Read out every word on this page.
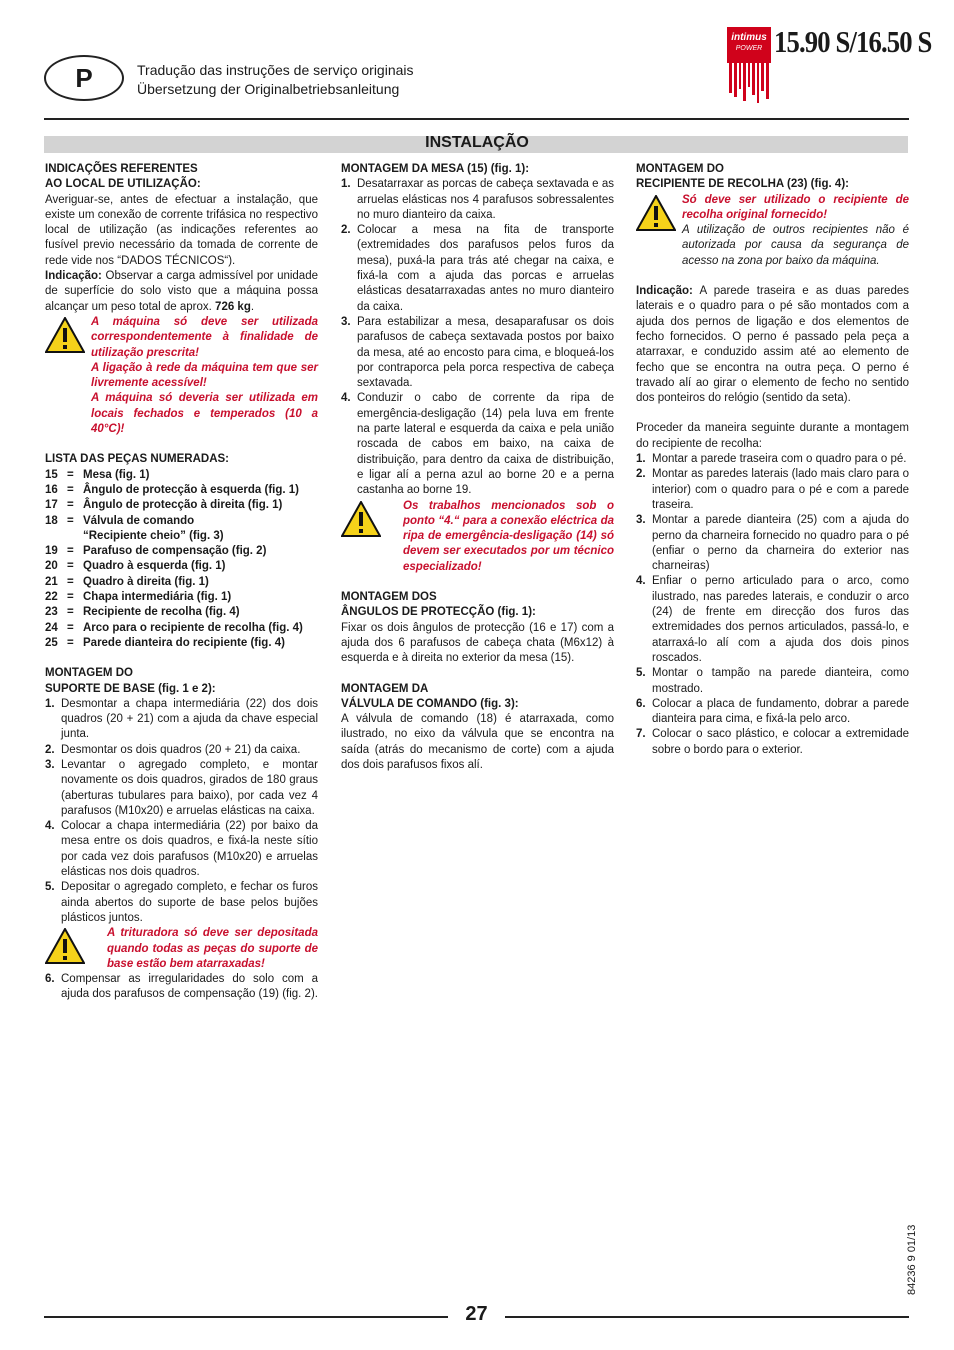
P	Tradução das instruções de serviço originais
Übersetzung der Originalbetriebsanleitung
intimus
POWER 15.90 S/16.50 S
INSTALAÇÃO
INDICAÇÕES REFERENTES
AO LOCAL DE UTILIZAÇÃO:
Averiguar-se, antes de efectuar a instalação, que existe um conexão de corrente trifásica no respectivo local de utilização (as indicações referentes ao fusível previo necessário da tomada de corrente de rede vide nos “DADOS TÉCNICOS“).
Indicação: Observar a carga admissível por unidade de superfície do solo visto que a máquina possa alcançar um peso total de aprox. 726 kg.
A máquina só deve ser utilizada correspondentemente à finalidade de utilização prescrita!
A ligação à rede da máquina tem que ser livremente acessível!
A máquina só deveria ser utilizada em locais fechados e temperados (10 a 40°C)!
LISTA DAS PEÇAS NUMERADAS:
15 = Mesa (fig. 1)
16 = Ângulo de protecção à esquerda (fig. 1)
17 = Ângulo de protecção à direita (fig. 1)
18 = Válvula de comando
“Recipiente cheio” (fig. 3)
19 = Parafuso de compensação (fig. 2)
20 = Quadro à esquerda (fig. 1)
21 = Quadro à direita (fig. 1)
22 = Chapa intermediária (fig. 1)
23 = Recipiente de recolha (fig. 4)
24 = Arco para o recipiente de recolha (fig. 4)
25 = Parede dianteira do recipiente (fig. 4)
MONTAGEM DO
SUPORTE DE BASE (fig. 1 e 2):
1. Desmontar a chapa intermediária (22) dos dois quadros (20 + 21) com a ajuda da chave especial junta.
2. Desmontar os dois quadros (20 + 21) da caixa.
3. Levantar o agregado completo, e montar novamente os dois quadros, girados de 180 graus (aberturas tubulares para baixo), por cada vez 4 parafusos (M10x20) e arruelas elásticas na caixa.
4. Colocar a chapa intermediária (22) por baixo da mesa entre os dois quadros, e fixá-la neste sítio por cada vez dois parafusos (M10x20) e arruelas elásticas nos dois quadros.
5. Depositar o agregado completo, e fechar os furos ainda abertos do suporte de base pelos bujões plásticos juntos.
A trituradora só deve ser depositada quando todas as peças do suporte de base estão bem atarraxadas!
6. Compensar as irregularidades do solo com a ajuda dos parafusos de compensação (19) (fig. 2).
MONTAGEM DA MESA (15) (fig. 1):
1. Desatarraxar as porcas de cabeça sextavada e as arruelas elásticas nos 4 parafusos sobressalentes no muro dianteiro da caixa.
2. Colocar a mesa na fita de transporte (extremidades dos parafusos pelos furos da mesa), puxá-la para trás até chegar na caixa, e fixá-la com a ajuda das porcas e arruelas elásticas desatarraxadas antes no muro dianteiro da caixa.
3. Para estabilizar a mesa, desaparafusar os dois parafusos de cabeça sextavada postos por baixo da mesa, até ao encosto para cima, e bloqueá-los por contraporca pela porca respectiva de cabeça sextavada.
4. Conduzir o cabo de corrente da ripa de emergência-desligação (14) pela luva em frente na parte lateral e esquerda da caixa e pela união roscada de cabos em baixo, na caixa de distribuição, para dentro da caixa de distribuição, e ligar alí a perna azul ao borne 20 e a perna castanha ao borne 19.
Os trabalhos mencionados sob o ponto “4.“ para a conexão eléctrica da ripa de emergência-desligação (14) só devem ser executados por um técnico especializado!
MONTAGEM DOS
ÂNGULOS DE PROTECÇÃO (fig. 1):
Fixar os dois ângulos de protecção (16 e 17) com a ajuda dos 6 parafusos de cabeça chata (M6x12) à esquerda e à direita no exterior da mesa (15).
MONTAGEM DA
VÁLVULA DE COMANDO (fig. 3):
A válvula de comando (18) é atarraxada, como ilustrado, no eixo da válvula que se encontra na saída (atrás do mecanismo de corte) com a ajuda dos dois parafusos fixos alí.
MONTAGEM DO
RECIPIENTE DE RECOLHA (23) (fig. 4):
Só deve ser utilizado o recipiente de recolha original fornecido!
A utilização de outros recipientes não é autorizada por causa da segurança de acesso na zona por baixo da máquina.
Indicação: A parede traseira e as duas paredes laterais e o quadro para o pé são montados com a ajuda dos pernos de ligação e dos elementos de fecho fornecidos. O perno é passado pela peça a atarraxar, e conduzido assim até ao elemento de fecho que se encontra na outra peça. O perno é travado alí ao girar o elemento de fecho no sentido dos ponteiros do relógio (sentido da seta).
Proceder da maneira seguinte durante a montagem do recipiente de recolha:
1. Montar a parede traseira com o quadro para o pé.
2. Montar as paredes laterais (lado mais claro para o interior) com o quadro para o pé e com a parede traseira.
3. Montar a parede dianteira (25) com a ajuda do perno da charneira fornecido no quadro para o pé (enfiar o perno da charneira do exterior nas charneiras)
4. Enfiar o perno articulado para o arco, como ilustrado, nas paredes laterais, e conduzir o arco (24) de frente em direcção dos furos das extremidades dos pernos articulados, passá-lo, e atarraxá-lo alí com a ajuda dos dois pinos roscados.
5. Montar o tampão na parede dianteira, como mostrado.
6. Colocar a placa de fundamento, dobrar a parede dianteira para cima, e fixá-la pelo arco.
7. Colocar o saco plástico, e colocar a extremidade sobre o bordo para o exterior.
84236 9 01/13
27
